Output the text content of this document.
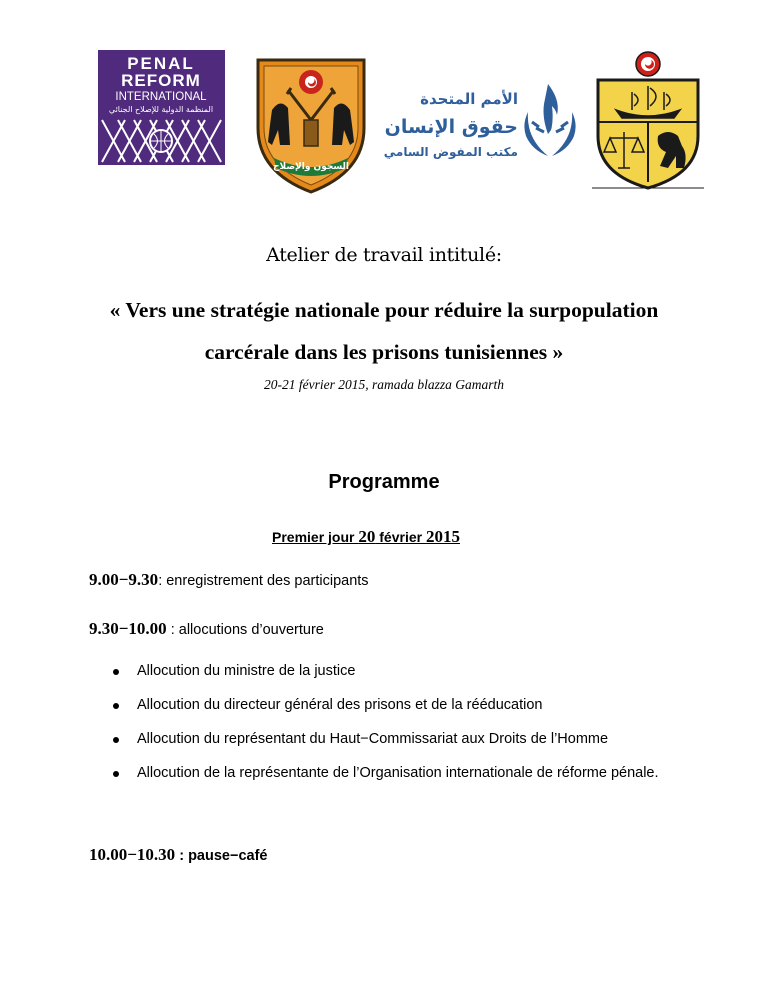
PENAL
REFORM
INTERNATIONAL
المنظمة الدولية للإصلاح الجنائي
السجون والإصلاح
الأمم المتحدة
حقوق الإنسان
مكتب المفوض السامي
Atelier de travail intitulé:
« Vers une stratégie nationale pour réduire la surpopulation
carcérale dans les prisons tunisiennes »
20-21 février 2015, ramada blazza Gamarth
Programme
Premier jour 20 février 2015
9.00−9.30: enregistrement des participants
9.30−10.00 : allocutions d’ouverture
Allocution du ministre de la justice
Allocution du directeur général des prisons et de la rééducation
Allocution du représentant du Haut−Commissariat aux Droits de l’Homme
Allocution de la représentante de l’Organisation internationale de réforme pénale.
10.00−10.30 : pause−café
